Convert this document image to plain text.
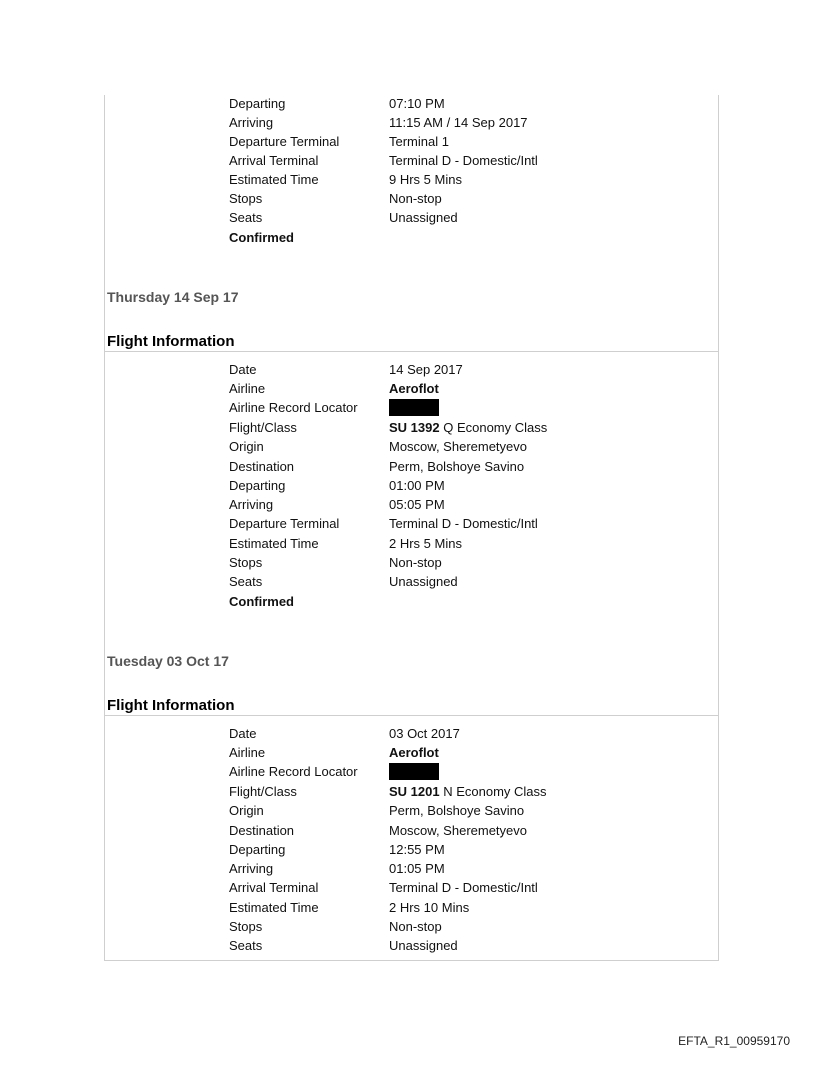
Departing	07:10 PM
Arriving	11:15 AM / 14 Sep 2017
Departure Terminal	Terminal 1
Arrival Terminal	Terminal D - Domestic/Intl
Estimated Time	9 Hrs 5 Mins
Stops	Non-stop
Seats	Unassigned
Confirmed
Thursday 14 Sep 17
Flight Information
Date	14 Sep 2017
Airline	Aeroflot
Airline Record Locator
Flight/Class	SU 1392 Q Economy Class
Origin	Moscow, Sheremetyevo
Destination	Perm, Bolshoye Savino
Departing	01:00 PM
Arriving	05:05 PM
Departure Terminal	Terminal D - Domestic/Intl
Estimated Time	2 Hrs 5 Mins
Stops	Non-stop
Seats	Unassigned
Confirmed
Tuesday 03 Oct 17
Flight Information
Date	03 Oct 2017
Airline	Aeroflot
Airline Record Locator
Flight/Class	SU 1201 N Economy Class
Origin	Perm, Bolshoye Savino
Destination	Moscow, Sheremetyevo
Departing	12:55 PM
Arriving	01:05 PM
Arrival Terminal	Terminal D - Domestic/Intl
Estimated Time	2 Hrs 10 Mins
Stops	Non-stop
Seats	Unassigned
EFTA_R1_00959170
